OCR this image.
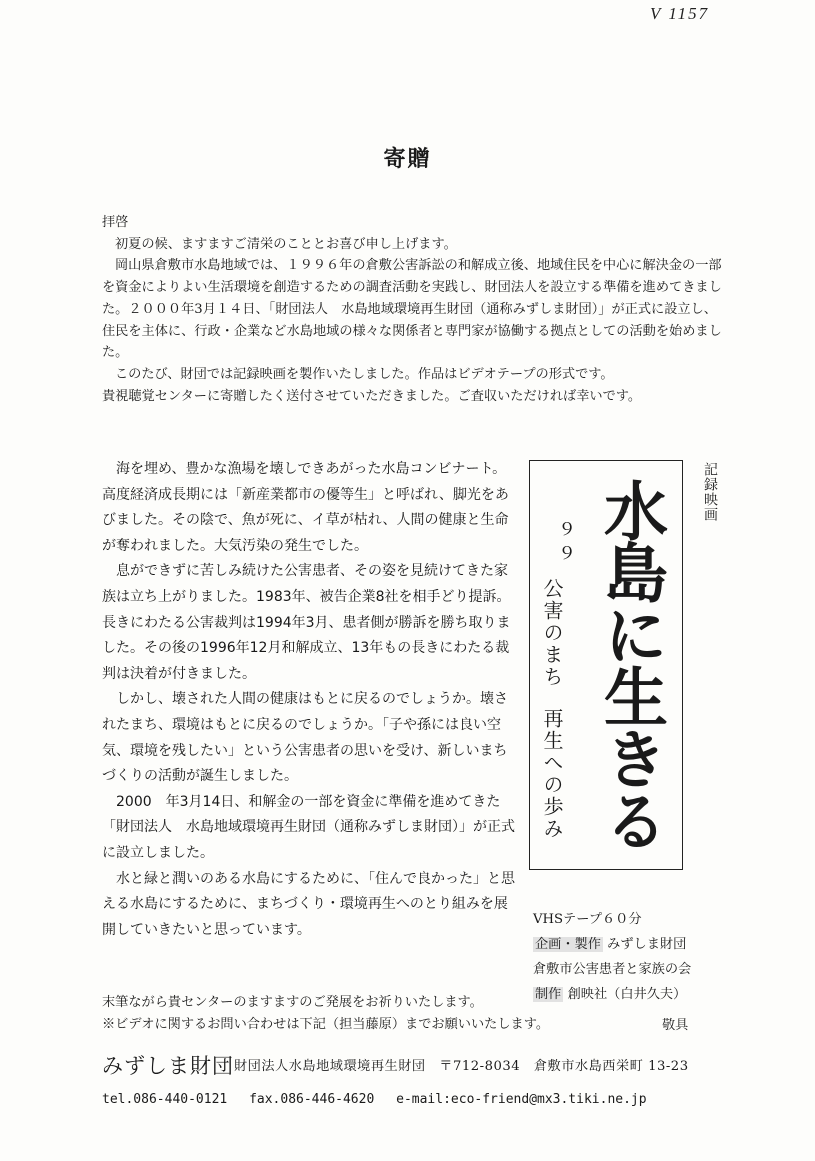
V 1157
寄贈

拝啓

初夏の候、ますますご清栄のこととお喜び申し上げます。

岡山県倉敷市水島地域では、１９９６年の倉敷公害訴訟の和解成立後、地域住民を中心に解決金の一部を資金によりよい生活環境を創造するための調査活動を実践し、財団法人を設立する準備を進めてきました。２０００年3月１４日、「財団法人　水島地域環境再生財団（通称みずしま財団）」が正式に設立し、住民を主体に、行政・企業など水島地域の様々な関係者と専門家が協働する拠点としての活動を始めました。

このたび、財団では記録映画を製作いたしました。作品はビデオテープの形式です。

貴視聴覚センターに寄贈したく送付させていただきました。ご査収いただければ幸いです。

海を埋め、豊かな漁場を壊しできあがった水島コンビナート。高度経済成長期には「新産業都市の優等生」と呼ばれ、脚光をあびました。その陰で、魚が死に、イ草が枯れ、人間の健康と生命が奪われました。大気汚染の発生でした。

息ができずに苦しみ続けた公害患者、その姿を見続けてきた家族は立ち上がりました。1983年、被告企業8社を相手どり提訴。長きにわたる公害裁判は1994年3月、患者側が勝訴を勝ち取りました。その後の1996年12月和解成立、13年もの長きにわたる裁判は決着が付きました。

しかし、壊された人間の健康はもとに戻るのでしょうか。壊されたまち、環境はもとに戻るのでしょうか。「子や孫には良い空気、環境を残したい」という公害患者の思いを受け、新しいまちづくりの活動が誕生しました。

2000　年3月14日、和解金の一部を資金に準備を進めてきた「財団法人　水島地域環境再生財団（通称みずしま財団）」が正式に設立しました。

水と緑と潤いのある水島にするために、「住んで良かった」と思える水島にするために、まちづくり・環境再生へのとり組みを展開していきたいと思っています。

記録映画
水島に生きる
９９
公害のまち
再生への歩み
VHSテープ６０分
企画・製作 みずしま財団
倉敷市公害患者と家族の会
制作 創映社（白井久夫）
末筆ながら貴センターのますますのご発展をお祈りいたします。
※ビデオに関するお問い合わせは下記（担当藤原）までお願いいたします。	敬具
みずしま財団 財団法人水島地域環境再生財団　〒712-8034　倉敷市水島西栄町 13-23
tel.086-440-0121 fax.086-446-4620 e-mail:eco-friend@mx3.tiki.ne.jp
